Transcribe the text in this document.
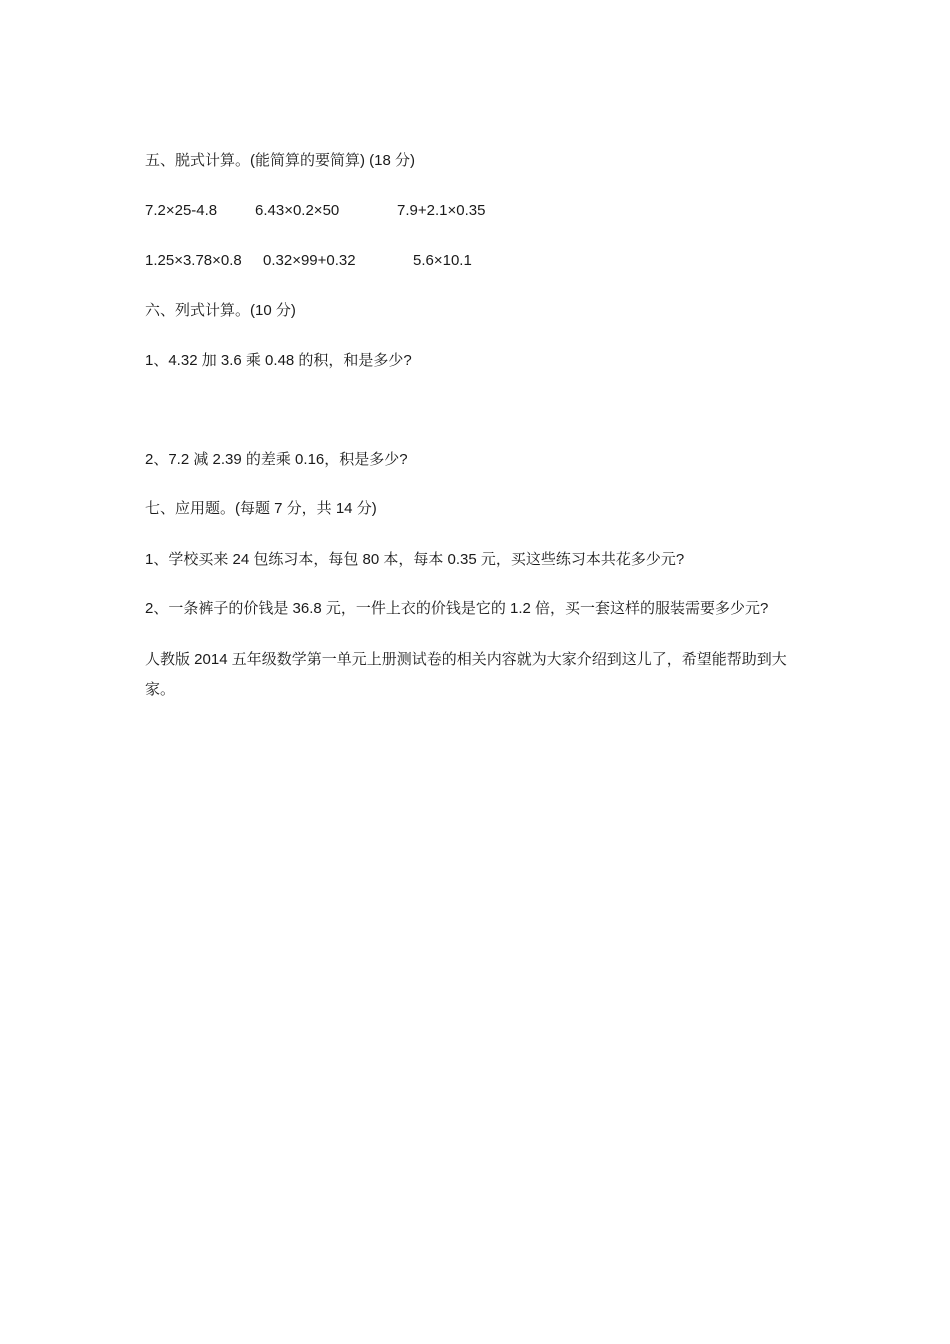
五、脱式计算。(能简算的要简算) (18 分)
7.2×25-4.8	6.43×0.2×50	7.9+2.1×0.35
1.25×3.78×0.8 0.32×99+0.32	5.6×10.1
六、列式计算。(10 分)
1、4.32 加 3.6 乘 0.48 的积，和是多少?
2、7.2 减 2.39 的差乘 0.16，积是多少?
七、应用题。(每题 7 分，共 14 分)
1、学校买来 24 包练习本，每包 80 本，每本 0.35 元，买这些练习本共花多少元?
2、一条裤子的价钱是 36.8 元，一件上衣的价钱是它的 1.2 倍，买一套这样的服装需要多少元?
人教版 2014 五年级数学第一单元上册测试卷的相关内容就为大家介绍到这儿了，希望能帮助到大家。
